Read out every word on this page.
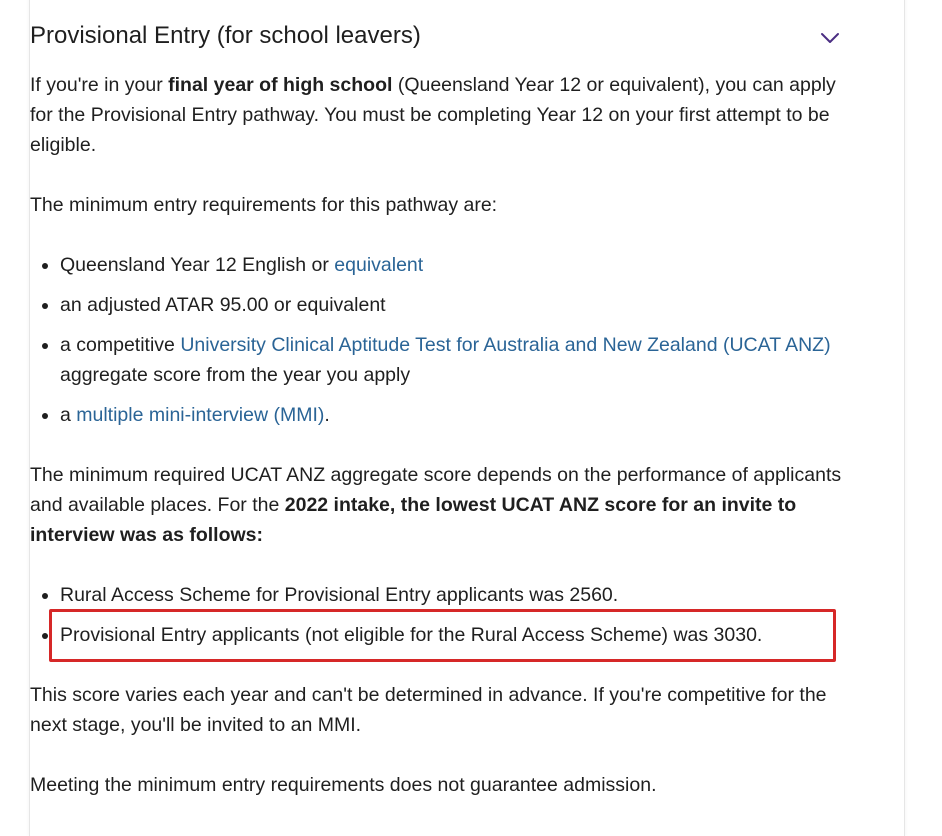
Provisional Entry (for school leavers)

If you're in your final year of high school (Queensland Year 12 or equivalent), you can apply for the Provisional Entry pathway. You must be completing Year 12 on your first attempt to be eligible.

The minimum entry requirements for this pathway are:

• Queensland Year 12 English or equivalent
• an adjusted ATAR 95.00 or equivalent
• a competitive University Clinical Aptitude Test for Australia and New Zealand (UCAT ANZ) aggregate score from the year you apply
• a multiple mini-interview (MMI).

The minimum required UCAT ANZ aggregate score depends on the performance of applicants and available places. For the 2022 intake, the lowest UCAT ANZ score for an invite to interview was as follows:

• Rural Access Scheme for Provisional Entry applicants was 2560.
• Provisional Entry applicants (not eligible for the Rural Access Scheme) was 3030.

This score varies each year and can't be determined in advance. If you're competitive for the next stage, you'll be invited to an MMI.

Meeting the minimum entry requirements does not guarantee admission.
